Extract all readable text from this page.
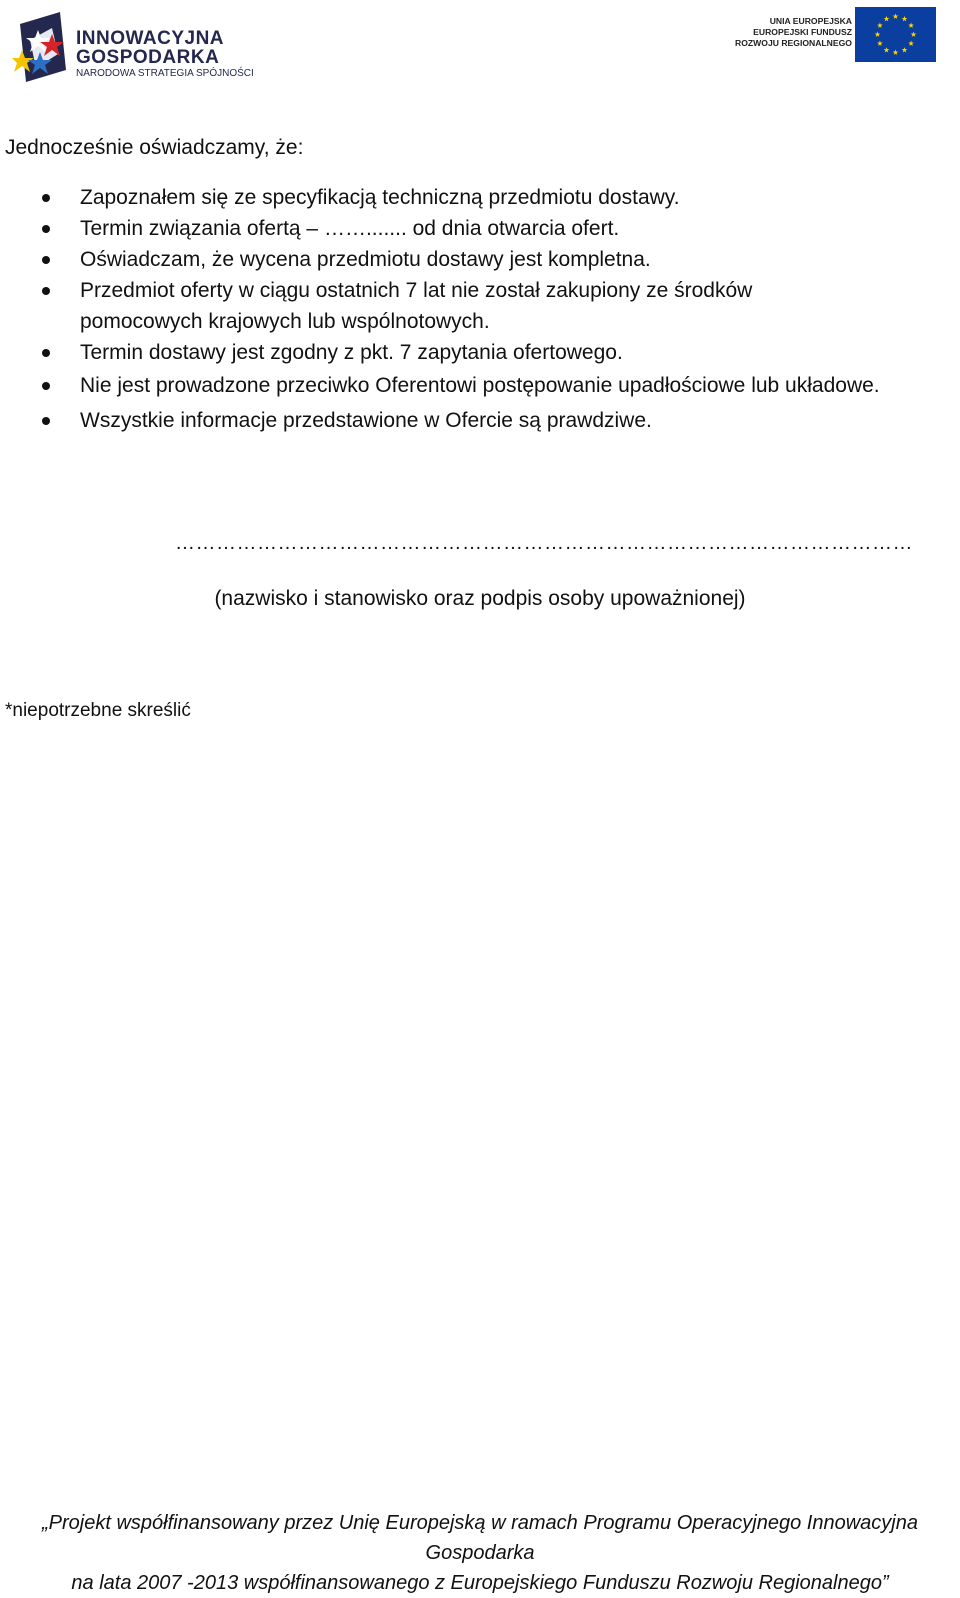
INNOWACYJNA
GOSPODARKA
NARODOWA STRATEGIA SPÓJNOŚCI
UNIA EUROPEJSKA
EUROPEJSKI FUNDUSZ
ROZWOJU REGIONALNEGO
Jednocześnie oświadczamy, że:
Zapoznałem się ze specyfikacją techniczną przedmiotu dostawy.
Termin związania ofertą – ……....... od dnia otwarcia ofert.
Oświadczam, że wycena przedmiotu dostawy jest kompletna.
Przedmiot oferty w ciągu ostatnich 7 lat nie został zakupiony ze środków pomocowych krajowych lub wspólnotowych.
Termin dostawy jest zgodny z pkt. 7 zapytania ofertowego.
Nie jest prowadzone przeciwko Oferentowi postępowanie upadłościowe lub układowe.
Wszystkie informacje przedstawione w Ofercie są prawdziwe.
………………………………………………………………………………………………
(nazwisko i stanowisko oraz podpis osoby upoważnionej)
*niepotrzebne skreślić
„Projekt współfinansowany przez Unię Europejską w ramach Programu Operacyjnego Innowacyjna Gospodarka
na lata 2007 -2013 współfinansowanego z Europejskiego Funduszu Rozwoju Regionalnego”
